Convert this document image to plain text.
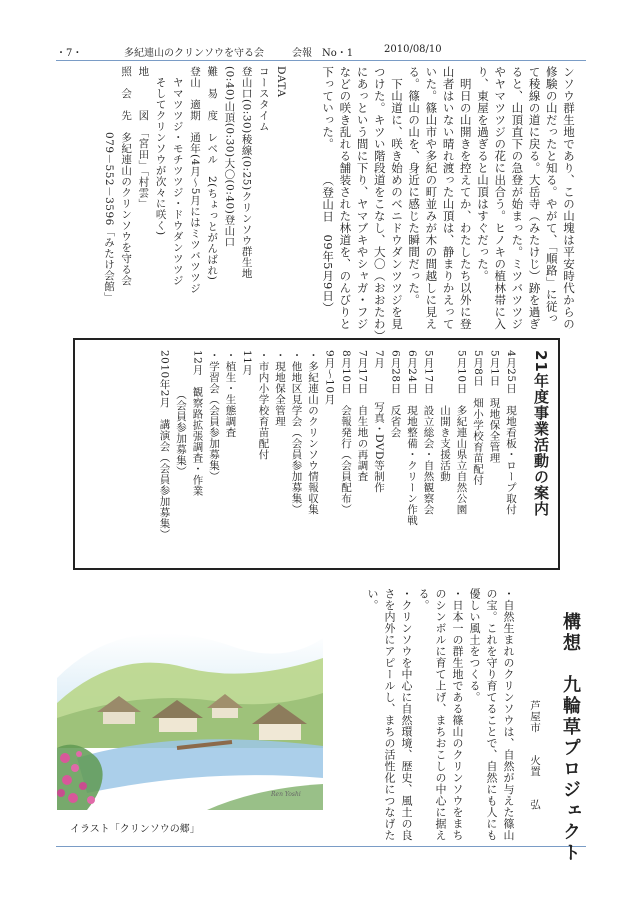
・7・	多紀連山のクリンソウを守る会	会報 No・1	2010/08/10
ンソウ群生地であり、この山塊は平安時代からの
修験の山だったと知る。やがて、「順路」に従っ
て稜線の道に戻る。大岳寺（みたけじ）跡を過ぎ
ると、山頂直下の急登が始まった。ミツバツツジ
やヤマツツジの花に出合う。ヒノキの植林帯に入
り、東屋を過ぎると山頂はすぐだった。
　明日の山開きを控えてか、わたしたち以外に登
山者はいない晴れ渡った山頂は、静まりかえって
いた。篠山市や多紀の町並みが木の間越しに見え
る。篠山の山を、身近に感じた瞬間だった。
　下山道に、咲き始めのベニドウダンツツジを見
つけた。キツい階段道をこなし、大〇（おおたわ）
にあっという間に下り、ヤマブキやシャガ・フジ
などの咲き乱れる舗装された林道を、のんびりと
下っていった。　　　（登山日　09年5月9日）
DATA
コースタイム
登山口(0:30)稜線(0:25)クリンソウ群生地
(0:40)山頂(0:30)大〇(0:40)登山口
難　易　度　レベル　2(ちょっとがんばれ)
登山　適期　通年(4月～5月にはミツバツツジ
　ヤマツツジ・モチツツジ・ドウダンツツジ
　そしてクリンソウが次々に咲く)
地　　　図　「宮田」「村雲」
照　会　先　多紀連山のクリンソウを守る会
　　　　　　079－552－3596「みたけ会館」
21年度事業活動の案内
4月25日　現地看板・ロープ取付
5月1日　現地保全管理
5月8日　畑小学校育苗配付
5月10日　多紀連山県立自然公園
　　　　　山開き支援活動
5月17日　設立総会・自然観察会
6月24日　現地整備・クリーン作戦
6月28日　反省会
7月　　　写真・DVD等制作
7月17日　自生地の再調査
8月10日　会報発行（会員配布）
9月～10月
・多紀連山のクリンソウ情報収集
・他地区見学会（会員参加募集）
・現地保全管理
・市内小学校育苗配付
11月
・植生・生態調査
・学習会（会員参加募集）
12月　観察路拡張調査・作業
　　　　（会員参加募集）
2010年2月　講演会（会員参加募集）
構想　九輪草プロジェクト
芦屋市　　火置　　弘
・自然生まれのクリンソウは、自然が与えた篠山
の宝。これを守り育てることで、自然にも人にも
優しい風土をつくる。
・日本一の群生地である篠山のクリンソウをまち
のシンボルに育て上げ、まちおこしの中心に据え
る。
・クリンソウを中心に自然環境、歴史、風土の良
さを内外にアピールし、まちの活性化につなげた
い。
Ren Yoshi
イラスト「クリンソウの郷」
